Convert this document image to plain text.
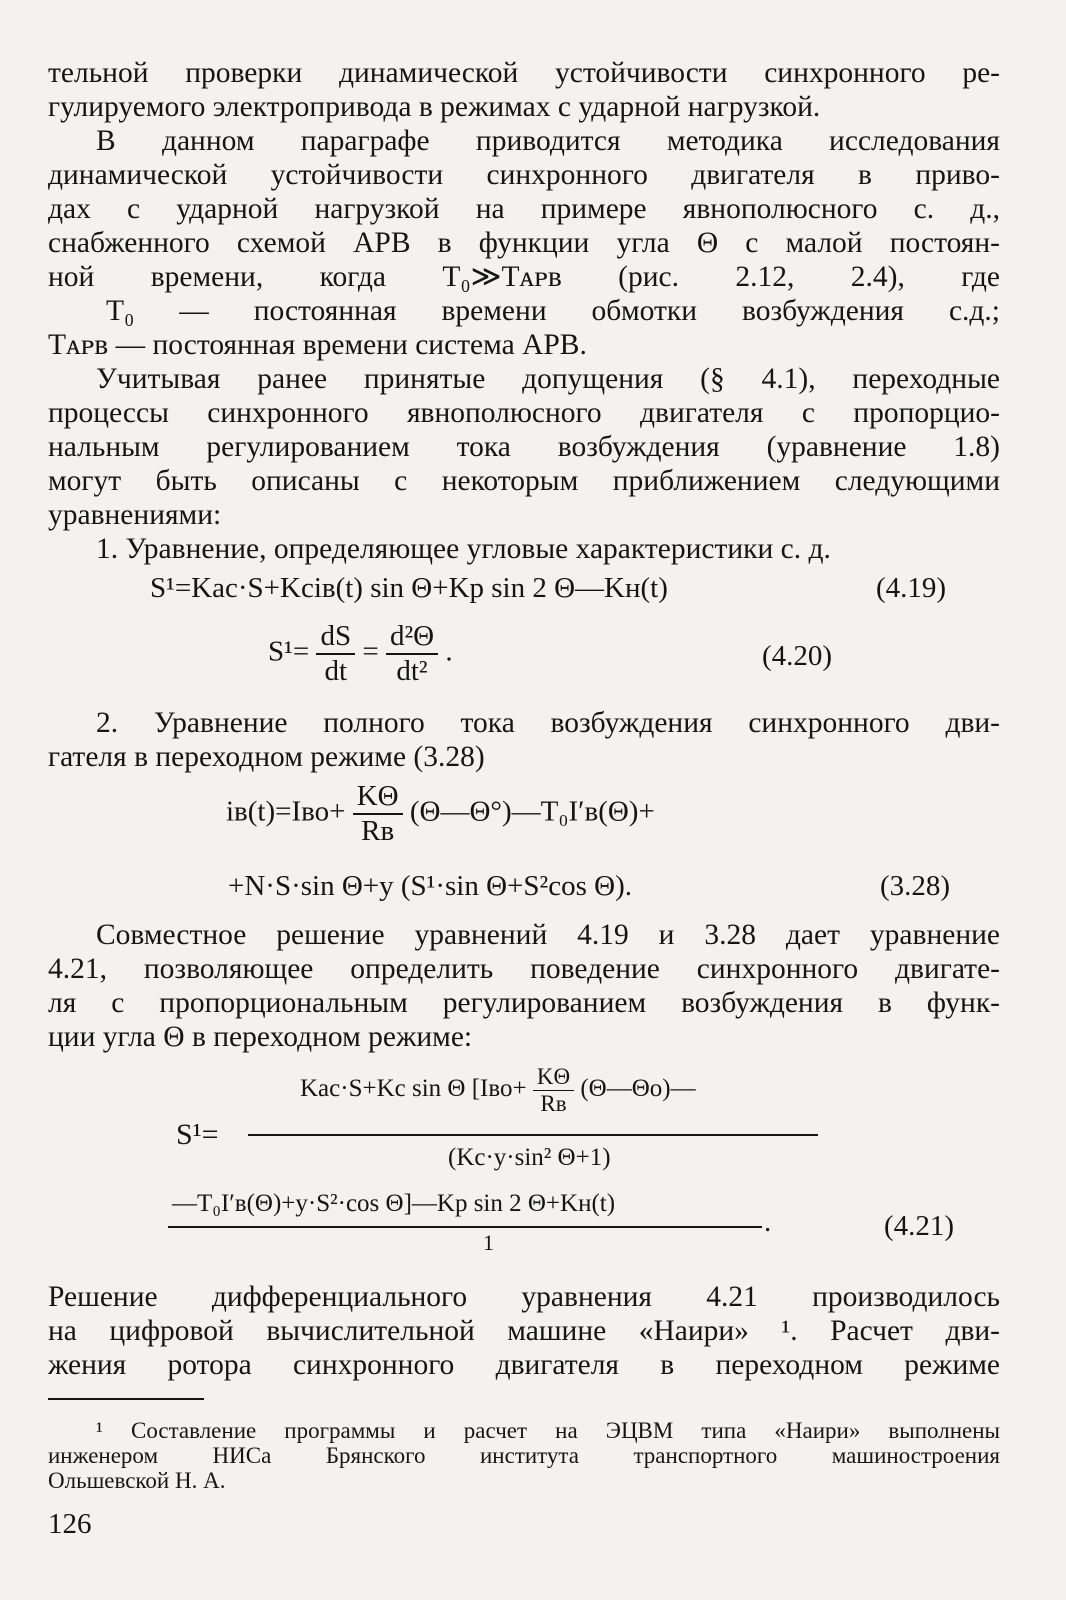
тельной проверки динамической устойчивости синхронного ре-
гулируемого электропривода в режимах с ударной нагрузкой.
В данном параграфе приводится методика исследования
динамической устойчивости синхронного двигателя в приво-
дах с ударной нагрузкой на примере явнополюсного с. д.,
снабженного схемой АРВ в функции угла Θ с малой постоян-
ной времени, когда T₀≫Tᴀᴘʙ (рис. 2.12, 2.4), где
T₀ — постоянная времени обмотки возбуждения с.д.;
Tᴀᴘʙ — постоянная времени система АРВ.
Учитывая ранее принятые допущения (§ 4.1), переходные
процессы синхронного явнополюсного двигателя с пропорцио-
нальным регулированием тока возбуждения (уравнение 1.8)
могут быть описаны с некоторым приближением следующими
уравнениями:
1. Уравнение, определяющее угловые характеристики с. д.
S¹=Kас·S+Kсiв(t) sin Θ+Kр sin 2 Θ—Kн(t)	(4.19)
$S^1= \frac{dS}{dt} = \frac{\text{d²Θ}}{\text{dt²}}$ .	(4.20)
2. Уравнение полного тока возбуждения синхронного дви-
гателя в переходном режиме (3.28)
$iв(t)=Iво+ \frac{K\Theta}{Rв}$ (Θ—Θ°)—T₀I′в(Θ)+
+N·S·sin Θ+y (S¹·sin Θ+S²cos Θ).	(3.28)
Совместное решение уравнений 4.19 и 3.28 дает уравнение
4.21, позволяющее определить поведение синхронного двигате-
ля с пропорциональным регулированием возбуждения в функ-
ции угла Θ в переходном режиме:
S¹=
Kас·S+Kс sin Θ [$Iво+ \frac{K\Theta}{Rв}$ (Θ—Θо)—
(Kс·y·sin² Θ+1)
—T₀I′в(Θ)+y·S²·cos Θ]—Kр sin 2 Θ+Kн(t)
1
.	(4.21)
Решение дифференциального уравнения 4.21 производилось
на цифровой вычислительной машине «Наири» ¹. Расчет дви-
жения ротора синхронного двигателя в переходном режиме
¹ Составление программы и расчет на ЭЦВМ типа «Наири» выполнены
инженером НИСа Брянского института транспортного машиностроения
Ольшевской Н. А.
126
